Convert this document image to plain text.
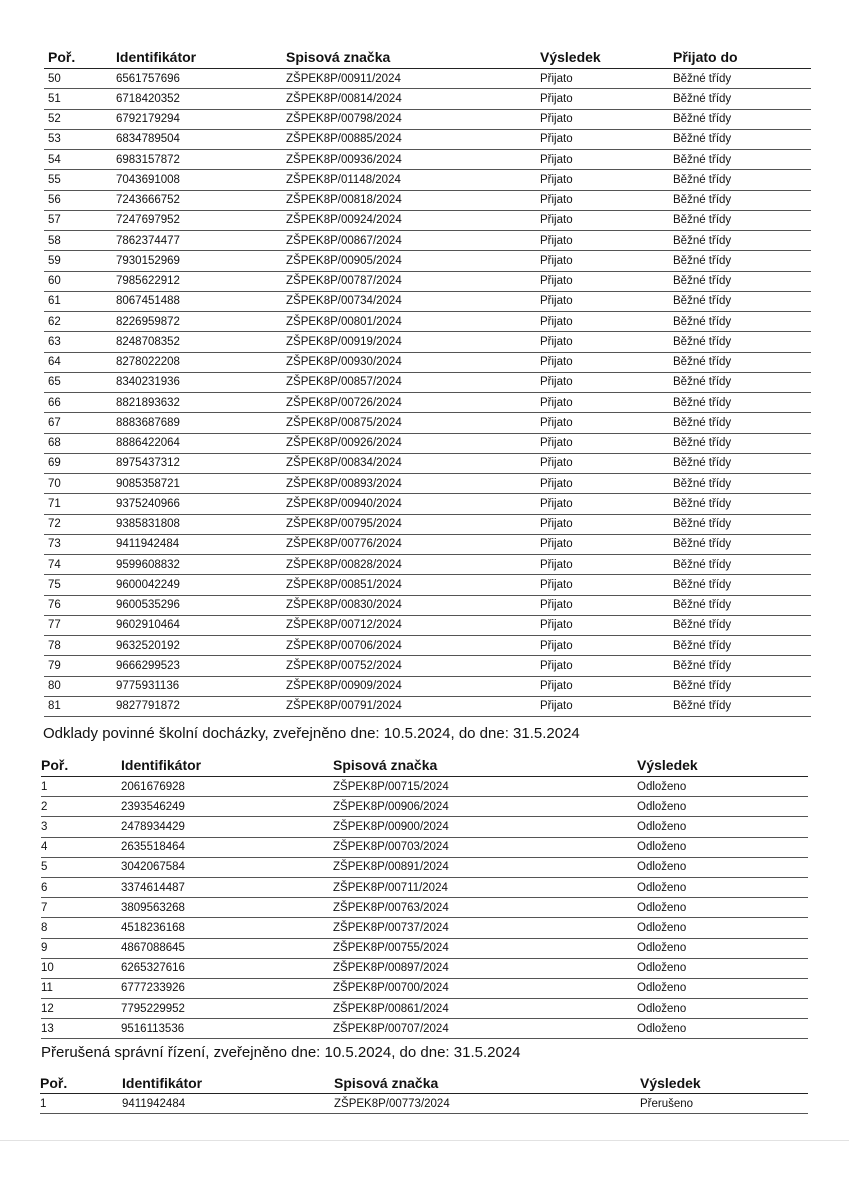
Poř.	Identifikátor	Spisová značka	Výsledek	Přijato do
50	6561757696	ZŠPEK8P/00911/2024	Přijato	Běžné třídy
51	6718420352	ZŠPEK8P/00814/2024	Přijato	Běžné třídy
52	6792179294	ZŠPEK8P/00798/2024	Přijato	Běžné třídy
53	6834789504	ZŠPEK8P/00885/2024	Přijato	Běžné třídy
54	6983157872	ZŠPEK8P/00936/2024	Přijato	Běžné třídy
55	7043691008	ZŠPEK8P/01148/2024	Přijato	Běžné třídy
56	7243666752	ZŠPEK8P/00818/2024	Přijato	Běžné třídy
57	7247697952	ZŠPEK8P/00924/2024	Přijato	Běžné třídy
58	7862374477	ZŠPEK8P/00867/2024	Přijato	Běžné třídy
59	7930152969	ZŠPEK8P/00905/2024	Přijato	Běžné třídy
60	7985622912	ZŠPEK8P/00787/2024	Přijato	Běžné třídy
61	8067451488	ZŠPEK8P/00734/2024	Přijato	Běžné třídy
62	8226959872	ZŠPEK8P/00801/2024	Přijato	Běžné třídy
63	8248708352	ZŠPEK8P/00919/2024	Přijato	Běžné třídy
64	8278022208	ZŠPEK8P/00930/2024	Přijato	Běžné třídy
65	8340231936	ZŠPEK8P/00857/2024	Přijato	Běžné třídy
66	8821893632	ZŠPEK8P/00726/2024	Přijato	Běžné třídy
67	8883687689	ZŠPEK8P/00875/2024	Přijato	Běžné třídy
68	8886422064	ZŠPEK8P/00926/2024	Přijato	Běžné třídy
69	8975437312	ZŠPEK8P/00834/2024	Přijato	Běžné třídy
70	9085358721	ZŠPEK8P/00893/2024	Přijato	Běžné třídy
71	9375240966	ZŠPEK8P/00940/2024	Přijato	Běžné třídy
72	9385831808	ZŠPEK8P/00795/2024	Přijato	Běžné třídy
73	9411942484	ZŠPEK8P/00776/2024	Přijato	Běžné třídy
74	9599608832	ZŠPEK8P/00828/2024	Přijato	Běžné třídy
75	9600042249	ZŠPEK8P/00851/2024	Přijato	Běžné třídy
76	9600535296	ZŠPEK8P/00830/2024	Přijato	Běžné třídy
77	9602910464	ZŠPEK8P/00712/2024	Přijato	Běžné třídy
78	9632520192	ZŠPEK8P/00706/2024	Přijato	Běžné třídy
79	9666299523	ZŠPEK8P/00752/2024	Přijato	Běžné třídy
80	9775931136	ZŠPEK8P/00909/2024	Přijato	Běžné třídy
81	9827791872	ZŠPEK8P/00791/2024	Přijato	Běžné třídy
Odklady povinné školní docházky, zveřejněno dne: 10.5.2024, do dne: 31.5.2024
Poř.	Identifikátor	Spisová značka	Výsledek
1	2061676928	ZŠPEK8P/00715/2024	Odloženo
2	2393546249	ZŠPEK8P/00906/2024	Odloženo
3	2478934429	ZŠPEK8P/00900/2024	Odloženo
4	2635518464	ZŠPEK8P/00703/2024	Odloženo
5	3042067584	ZŠPEK8P/00891/2024	Odloženo
6	3374614487	ZŠPEK8P/00711/2024	Odloženo
7	3809563268	ZŠPEK8P/00763/2024	Odloženo
8	4518236168	ZŠPEK8P/00737/2024	Odloženo
9	4867088645	ZŠPEK8P/00755/2024	Odloženo
10	6265327616	ZŠPEK8P/00897/2024	Odloženo
11	6777233926	ZŠPEK8P/00700/2024	Odloženo
12	7795229952	ZŠPEK8P/00861/2024	Odloženo
13	9516113536	ZŠPEK8P/00707/2024	Odloženo
Přerušená správní řízení, zveřejněno dne: 10.5.2024, do dne: 31.5.2024
Poř.	Identifikátor	Spisová značka	Výsledek
1	9411942484	ZŠPEK8P/00773/2024	Přerušeno
